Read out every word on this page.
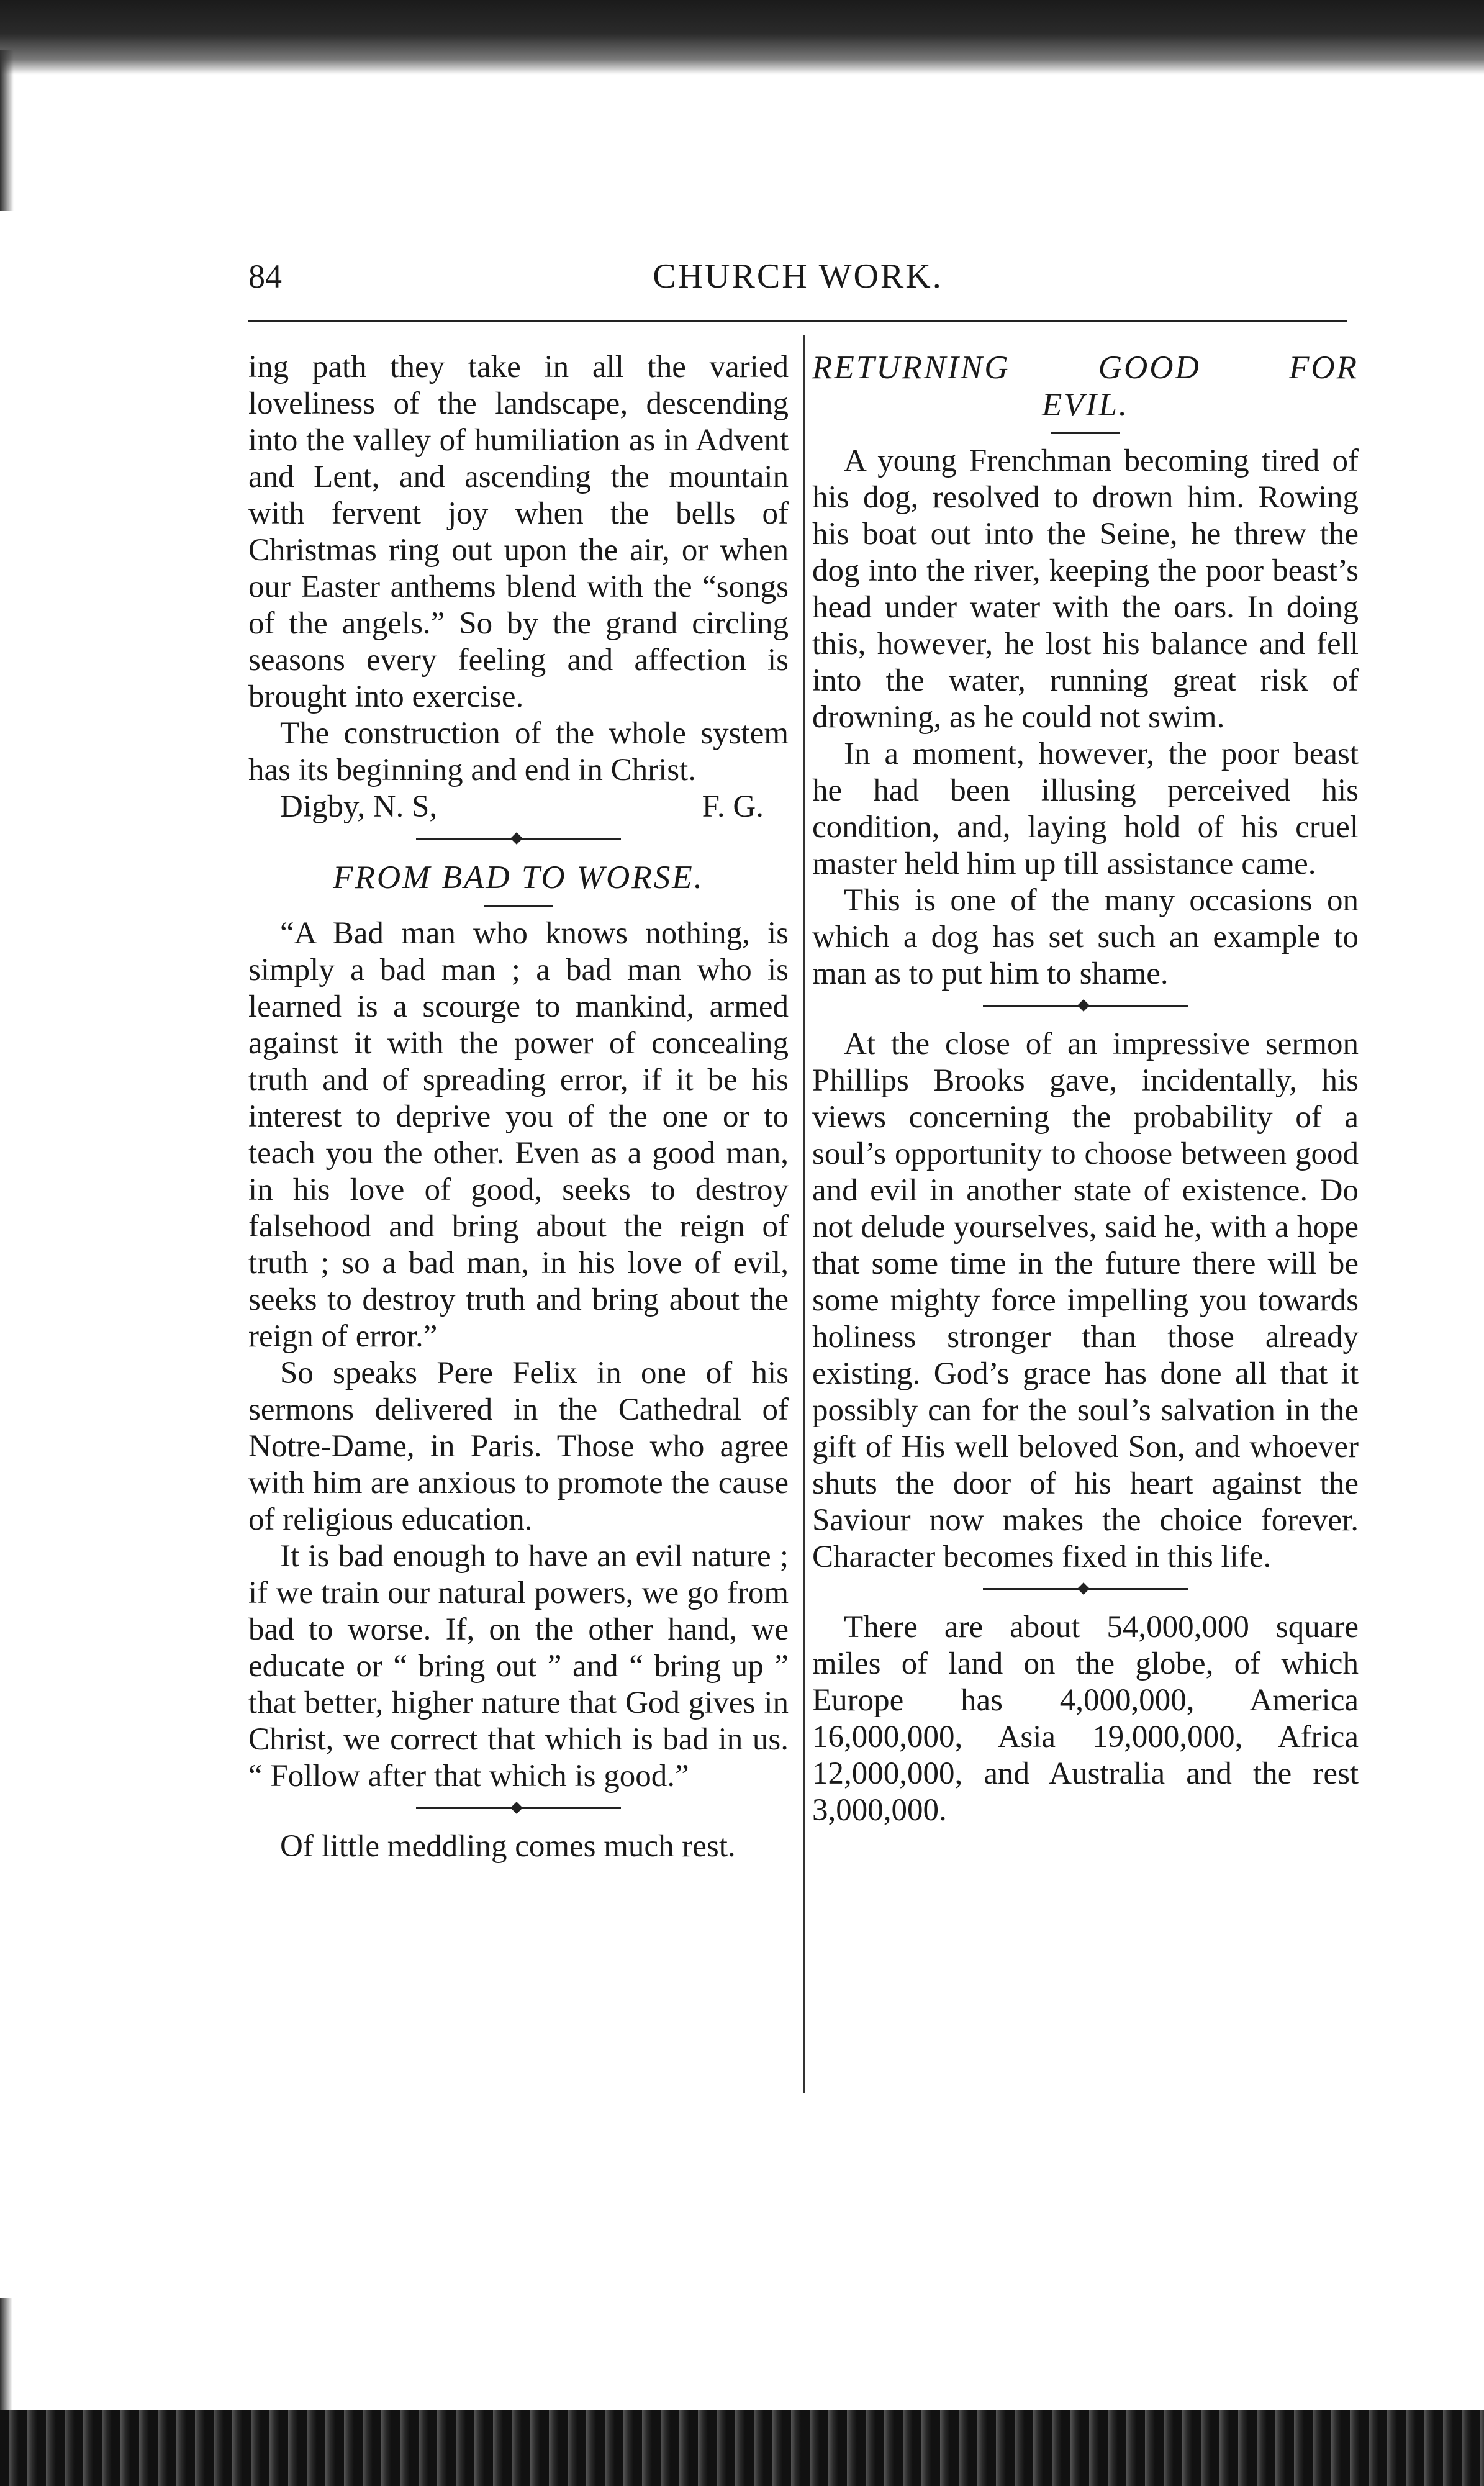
84	CHURCH WORK.

ing path they take in all the varied loveliness of the landscape, descending into the valley of humiliation as in Advent and Lent, and ascending the mountain with fervent joy when the bells of Christmas ring out upon the air, or when our Easter anthems blend with the “songs of the angels.” So by the grand circling seasons every feeling and affection is brought into exercise.

The construction of the whole system has its beginning and end in Christ.

Digby, N. S,	F. G.
FROM BAD TO WORSE.

“A Bad man who knows nothing, is simply a bad man ; a bad man who is learned is a scourge to mankind, armed against it with the power of concealing truth and of spreading error, if it be his interest to deprive you of the one or to teach you the other. Even as a good man, in his love of good, seeks to destroy falsehood and bring about the reign of truth ; so a bad man, in his love of evil, seeks to destroy truth and bring about the reign of error.”

So speaks Pere Felix in one of his sermons delivered in the Cathedral of Notre-Dame, in Paris. Those who agree with him are anxious to promote the cause of religious education.

It is bad enough to have an evil nature ; if we train our natural powers, we go from bad to worse. If, on the other hand, we educate or “ bring out ” and “ bring up ” that better, higher nature that God gives in Christ, we correct that which is bad in us. “ Follow after that which is good.”

Of little meddling comes much rest.

RETURNING GOOD FOR
EVIL.

A young Frenchman becoming tired of his dog, resolved to drown him. Rowing his boat out into the Seine, he threw the dog into the river, keeping the poor beast’s head under water with the oars. In doing this, however, he lost his balance and fell into the water, running great risk of drowning, as he could not swim.

In a moment, however, the poor beast he had been illusing perceived his condition, and, laying hold of his cruel master held him up till assistance came.

This is one of the many occasions on which a dog has set such an example to man as to put him to shame.

At the close of an impressive sermon Phillips Brooks gave, incidentally, his views concerning the probability of a soul’s opportunity to choose between good and evil in another state of existence. Do not delude yourselves, said he, with a hope that some time in the future there will be some mighty force impelling you towards holiness stronger than those already existing. God’s grace has done all that it possibly can for the soul’s salvation in the gift of His well beloved Son, and whoever shuts the door of his heart against the Saviour now makes the choice forever. Character becomes fixed in this life.

There are about 54,000,000 square miles of land on the globe, of which Europe has 4,000,000, America 16,000,000, Asia 19,000,000, Africa 12,000,000, and Australia and the rest 3,000,000.
